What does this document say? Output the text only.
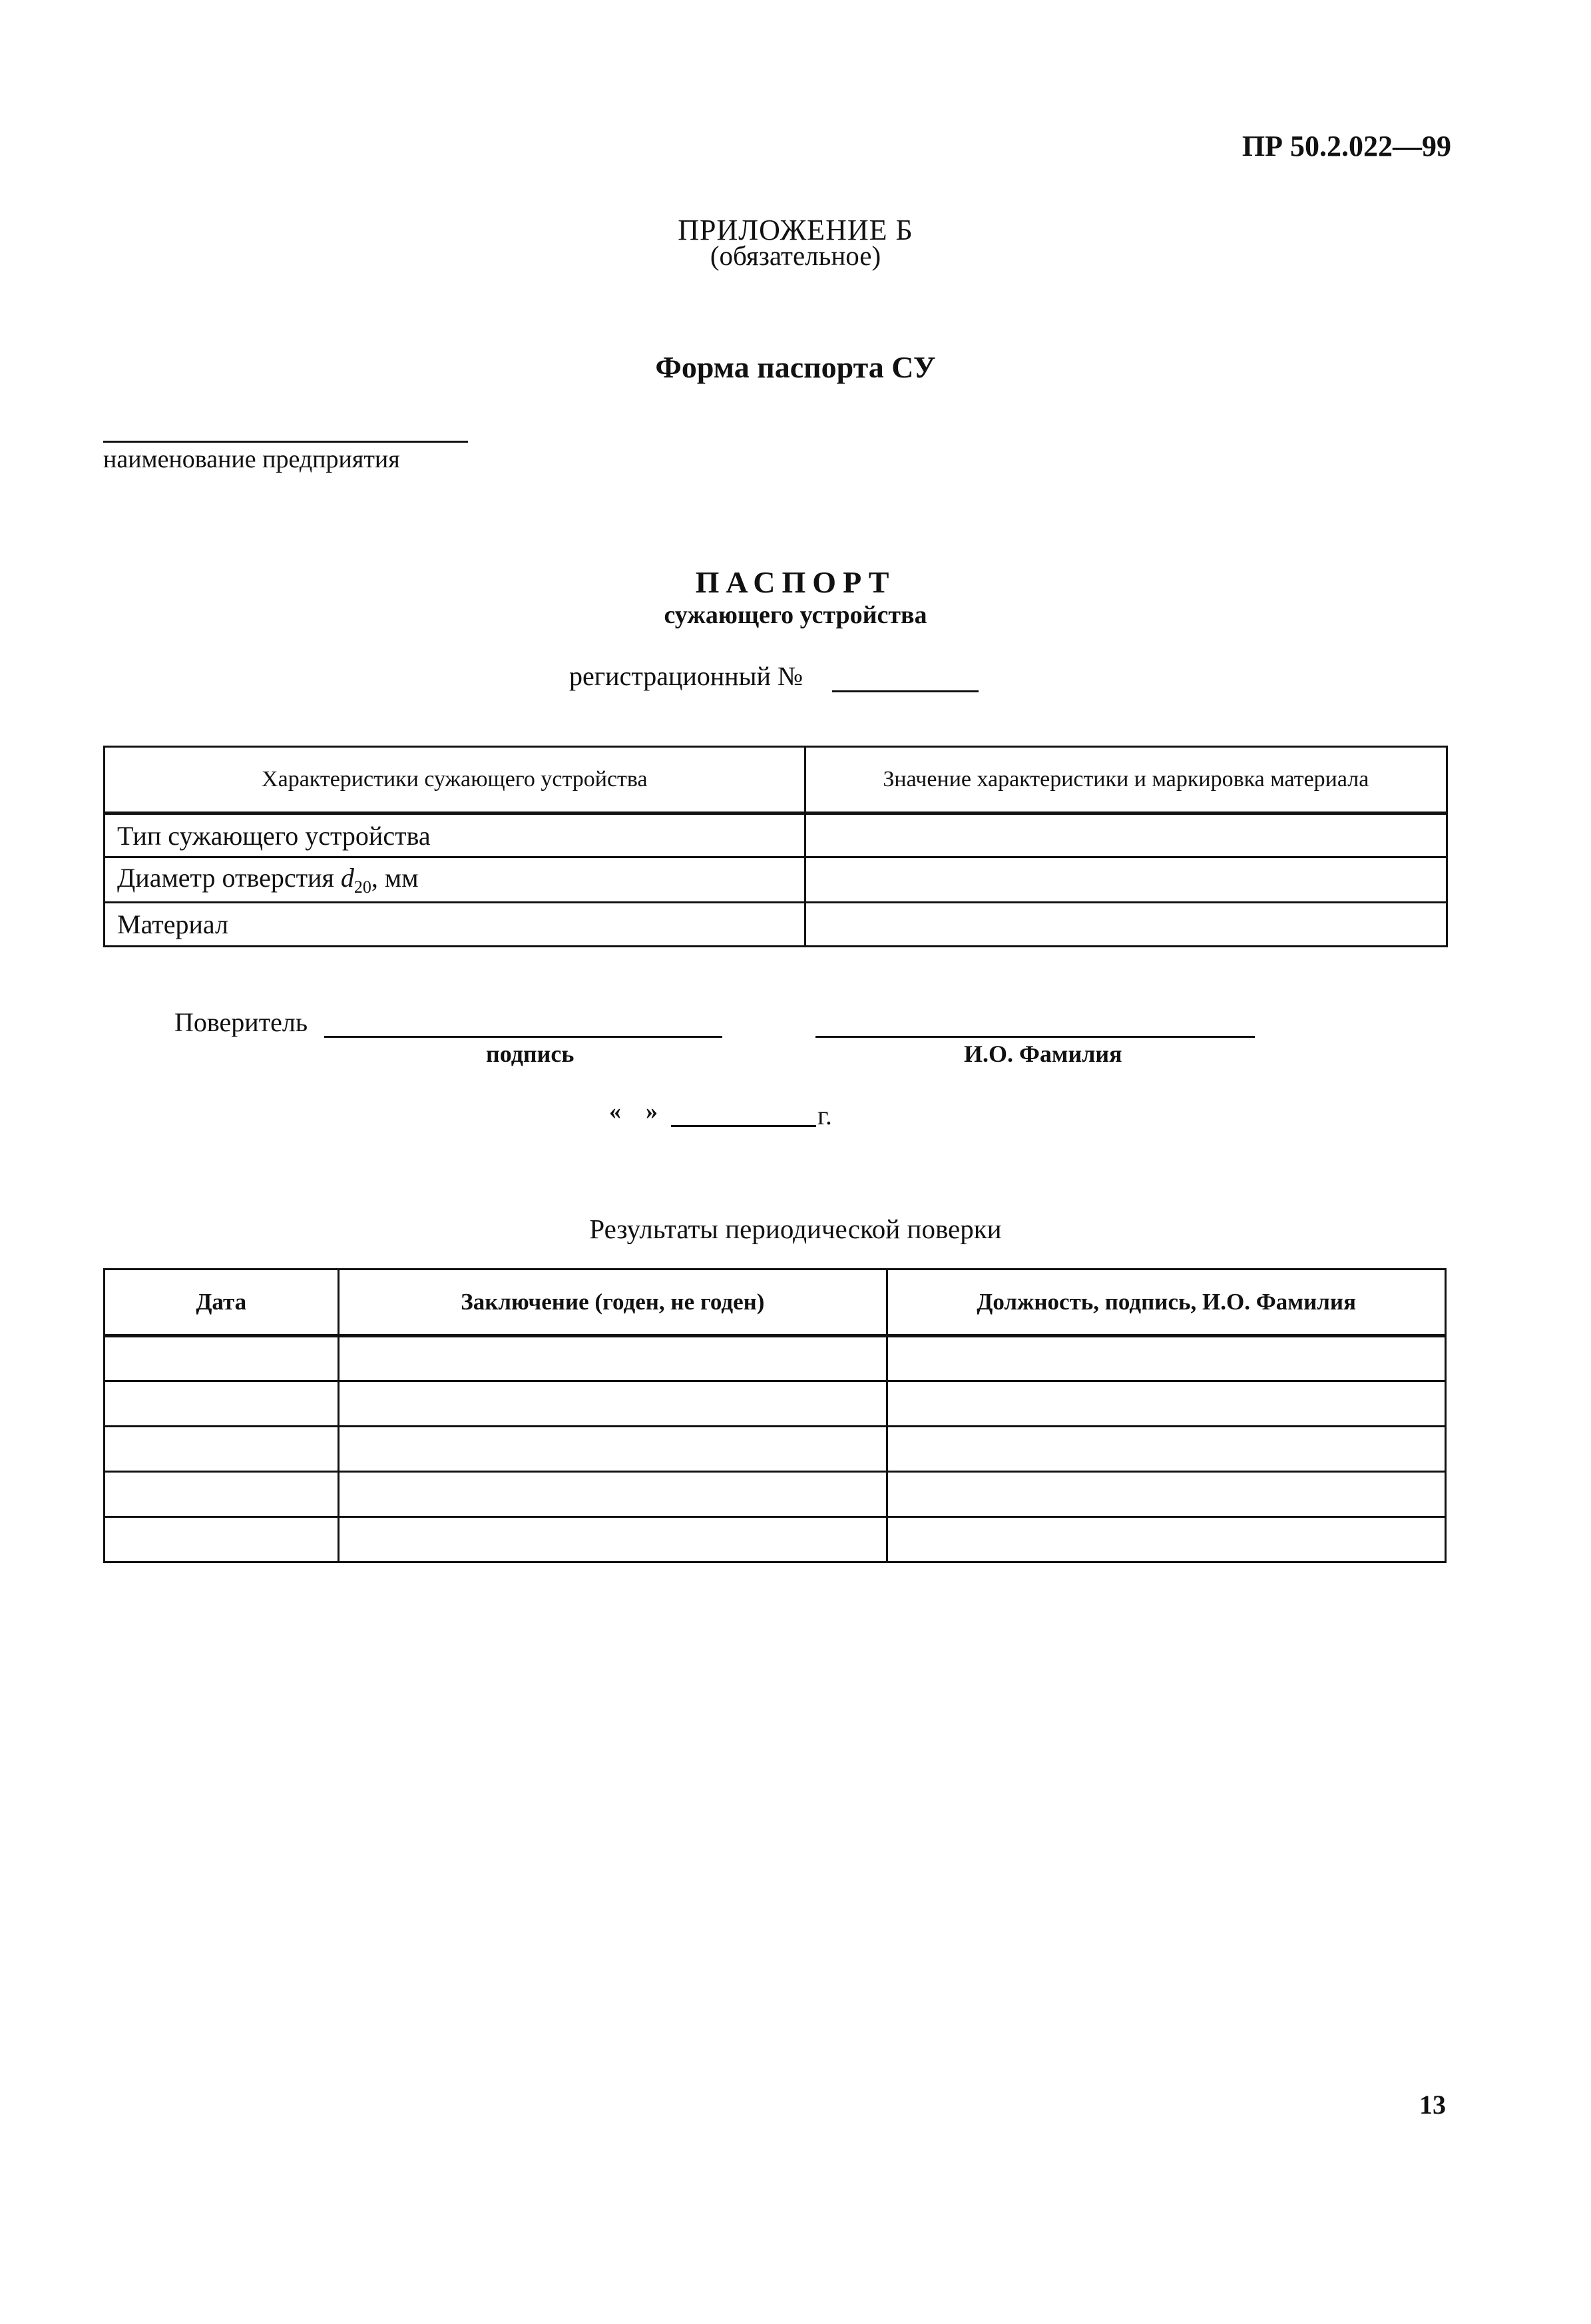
ПР 50.2.022—99
ПРИЛОЖЕНИЕ Б
(обязательное)
Форма паспорта СУ
наименование предприятия
ПАСПОРТ
сужающего устройства
регистрационный №
Характеристики сужающего устройства	Значение характеристики и маркировка материала
Тип сужающего устройства	
Диаметр отверстия $d_{20}$, мм	
Материал	
Поверитель
подпись	И.О. Фамилия
« »	г.
Результаты периодической поверки
Дата	Заключение (годен, не годен)	Должность, подпись, И.О. Фамилия

13
